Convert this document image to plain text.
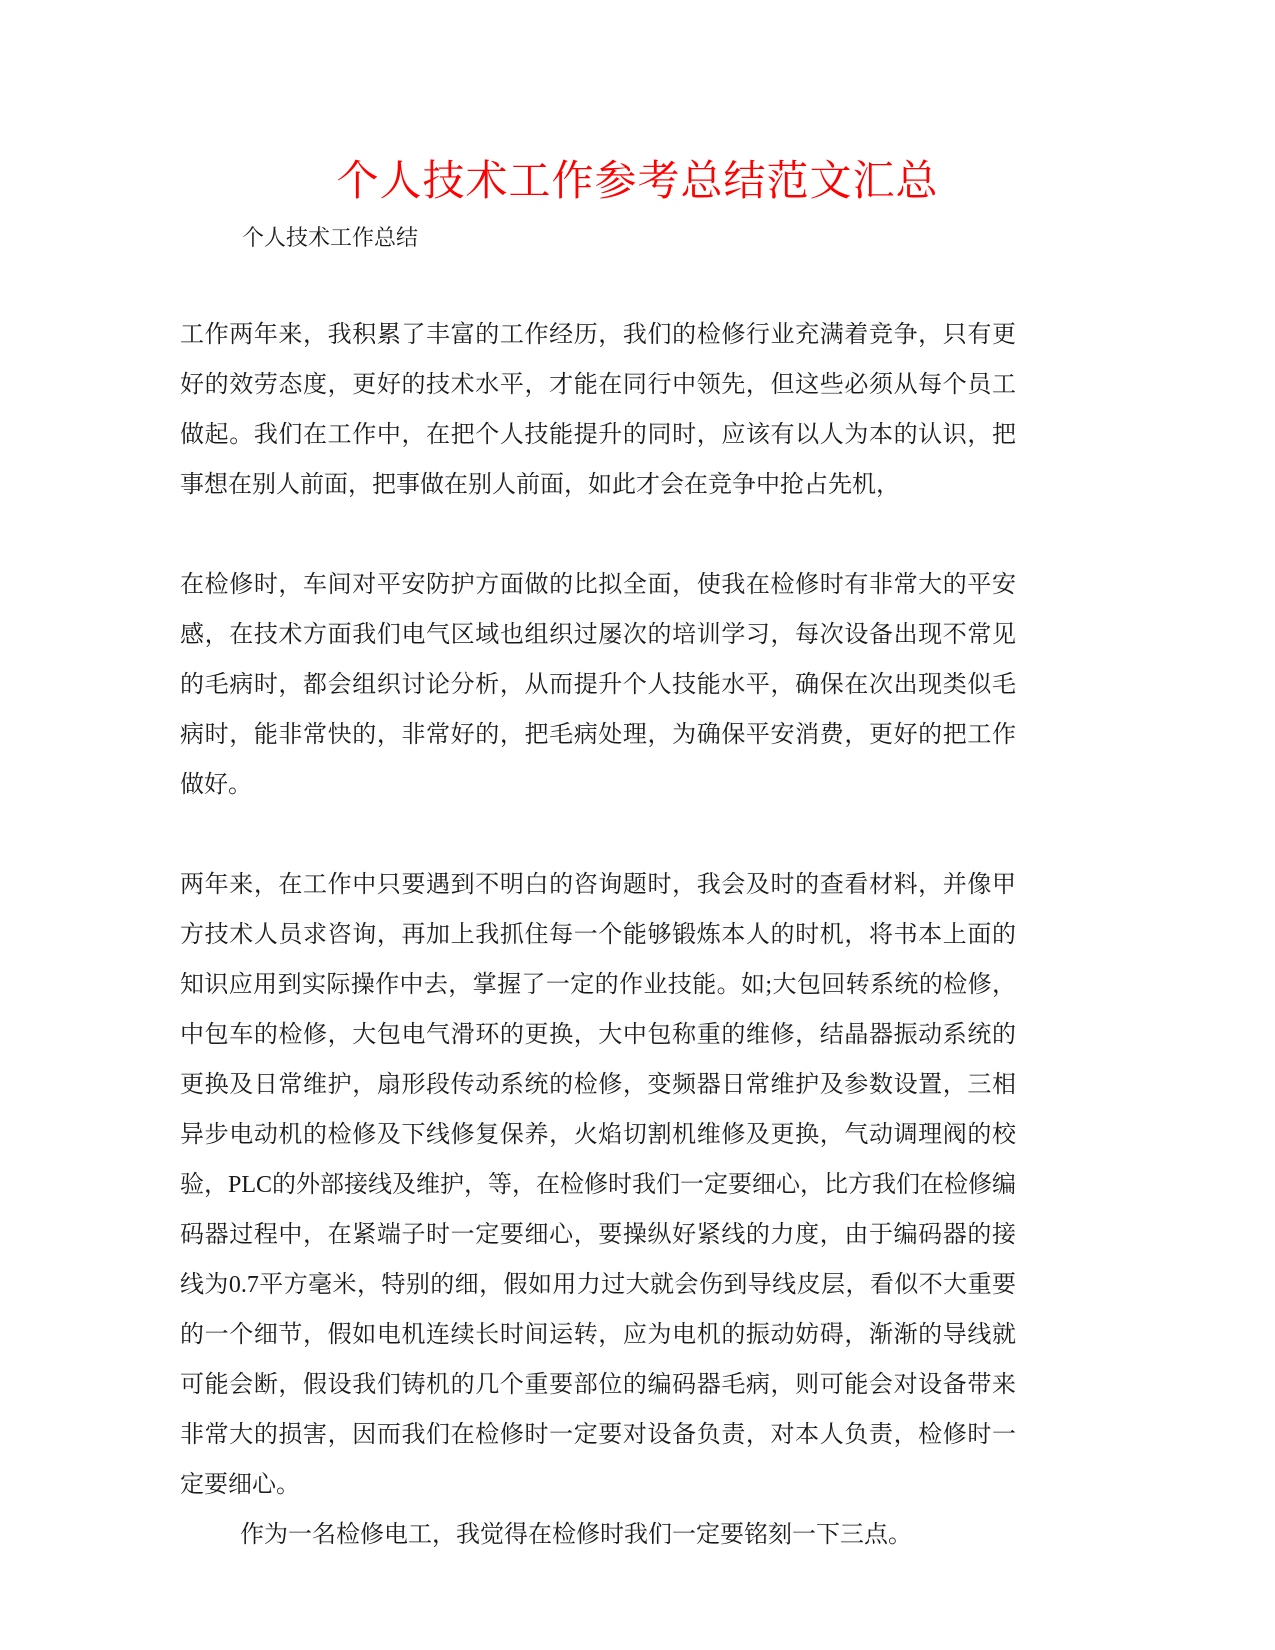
个人技术工作参考总结范文汇总

个人技术工作总结

工作两年来，我积累了丰富的工作经历，我们的检修行业充满着竞争，只有更好的效劳态度，更好的技术水平，才能在同行中领先，但这些必须从每个员工做起。我们在工作中，在把个人技能提升的同时，应该有以人为本的认识，把事想在别人前面，把事做在别人前面，如此才会在竞争中抢占先机，

在检修时，车间对平安防护方面做的比拟全面，使我在检修时有非常大的平安感，在技术方面我们电气区域也组织过屡次的培训学习，每次设备出现不常见的毛病时，都会组织讨论分析，从而提升个人技能水平，确保在次出现类似毛病时，能非常快的，非常好的，把毛病处理，为确保平安消费，更好的把工作做好。

两年来，在工作中只要遇到不明白的咨询题时，我会及时的查看材料，并像甲方技术人员求咨询，再加上我抓住每一个能够锻炼本人的时机，将书本上面的知识应用到实际操作中去，掌握了一定的作业技能。如;大包回转系统的检修，中包车的检修，大包电气滑环的更换，大中包称重的维修，结晶器振动系统的更换及日常维护，扇形段传动系统的检修，变频器日常维护及参数设置，三相异步电动机的检修及下线修复保养，火焰切割机维修及更换，气动调理阀的校验，PLC的外部接线及维护，等，在检修时我们一定要细心，比方我们在检修编码器过程中，在紧端子时一定要细心，要操纵好紧线的力度，由于编码器的接线为0.7平方毫米，特别的细，假如用力过大就会伤到导线皮层，看似不大重要的一个细节，假如电机连续长时间运转，应为电机的振动妨碍，渐渐的导线就可能会断，假设我们铸机的几个重要部位的编码器毛病，则可能会对设备带来非常大的损害，因而我们在检修时一定要对设备负责，对本人负责，检修时一定要细心。

作为一名检修电工，我觉得在检修时我们一定要铭刻一下三点。
